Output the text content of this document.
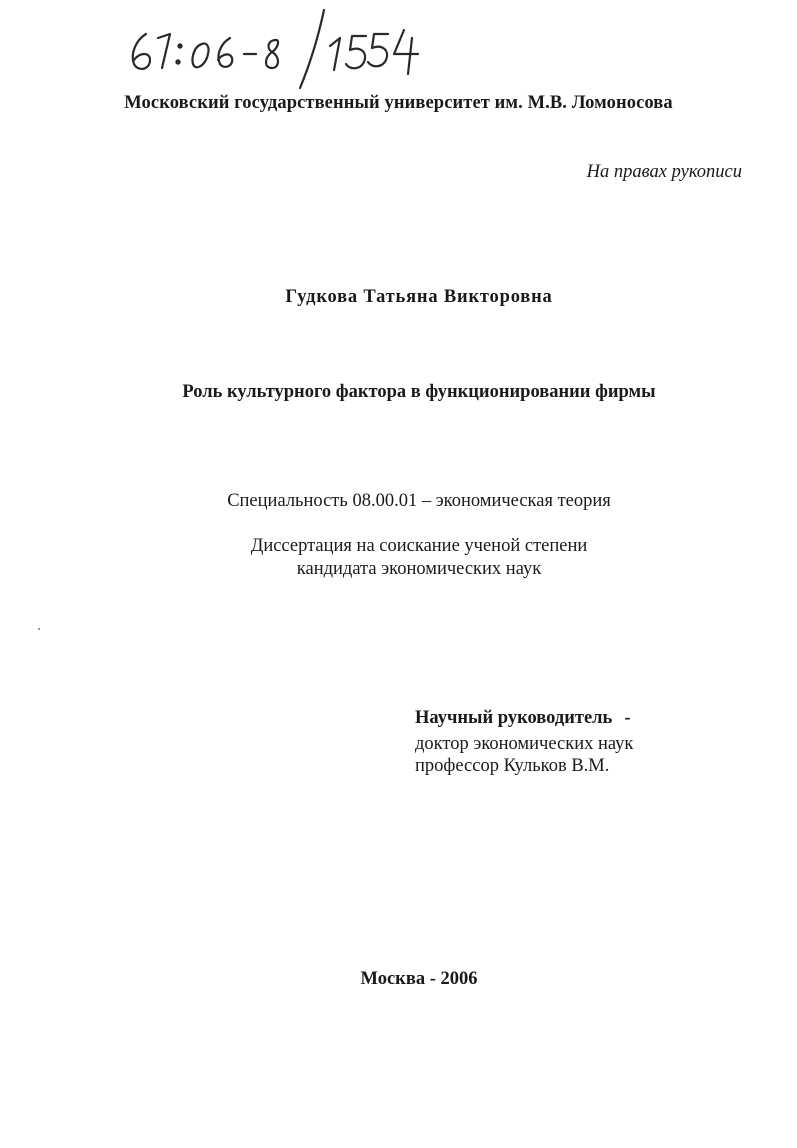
Московский государственный университет им. М.В. Ломоносова
На правах рукописи
Гудкова Татьяна Викторовна
Роль культурного фактора в функционировании фирмы
Специальность 08.00.01 – экономическая теория
Диссертация на соискание ученой степени
кандидата экономических наук
Научный руководитель -
доктор экономических наук
профессор Кульков В.М.
Москва - 2006
